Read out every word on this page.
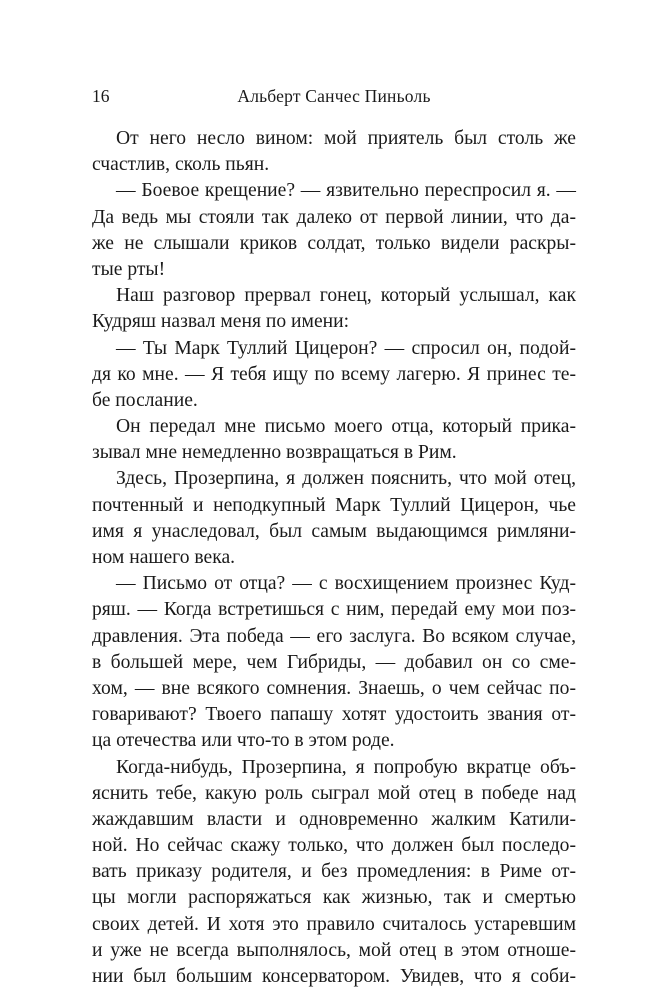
16	Альберт Санчес Пиньоль
От него несло вином: мой приятель был столь же
счастлив, сколь пьян.
— Боевое крещение? — язвительно переспросил я. —
Да ведь мы стояли так далеко от первой линии, что да-
же не слышали криков солдат, только видели раскры-
тые рты!
Наш разговор прервал гонец, который услышал, как
Кудряш назвал меня по имени:
— Ты Марк Туллий Цицерон? — спросил он, подой-
дя ко мне. — Я тебя ищу по всему лагерю. Я принес те-
бе послание.
Он передал мне письмо моего отца, который прика-
зывал мне немедленно возвращаться в Рим.
Здесь, Прозерпина, я должен пояснить, что мой отец,
почтенный и неподкупный Марк Туллий Цицерон, чье
имя я унаследовал, был самым выдающимся римляни-
ном нашего века.
— Письмо от отца? — с восхищением произнес Куд-
ряш. — Когда встретишься с ним, передай ему мои поз-
дравления. Эта победа — его заслуга. Во всяком случае,
в большей мере, чем Гибриды, — добавил он со сме-
хом, — вне всякого сомнения. Знаешь, о чем сейчас по-
говаривают? Твоего папашу хотят удостоить звания от-
ца отечества или что-то в этом роде.
Когда-нибудь, Прозерпина, я попробую вкратце объ-
яснить тебе, какую роль сыграл мой отец в победе над
жаждавшим власти и одновременно жалким Катили-
ной. Но сейчас скажу только, что должен был последо-
вать приказу родителя, и без промедления: в Риме от-
цы могли распоряжаться как жизнью, так и смертью
своих детей. И хотя это правило считалось устаревшим
и уже не всегда выполнялось, мой отец в этом отноше-
нии был большим консерватором. Увидев, что я соби-
